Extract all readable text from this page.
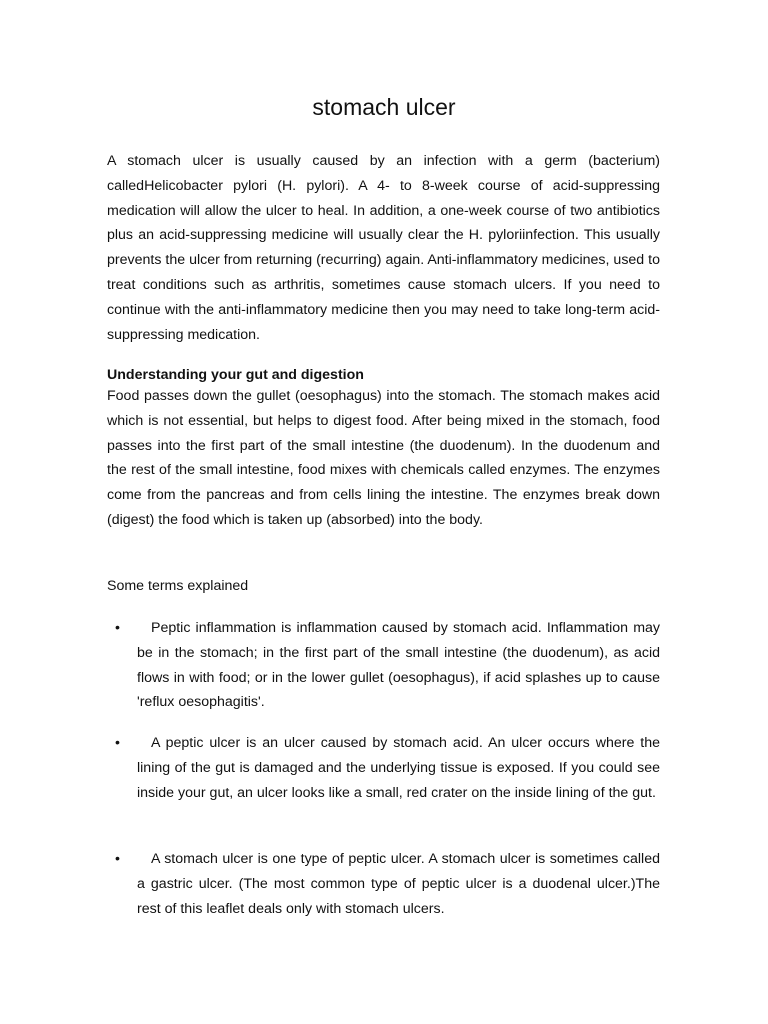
stomach ulcer

A stomach ulcer is usually caused by an infection with a germ (bacterium) calledHelicobacter pylori (H. pylori). A 4- to 8-week course of acid-suppressing medication will allow the ulcer to heal. In addition, a one-week course of two antibiotics plus an acid-suppressing medicine will usually clear the H. pyloriinfection. This usually prevents the ulcer from returning (recurring) again. Anti-inflammatory medicines, used to treat conditions such as arthritis, sometimes cause stomach ulcers. If you need to continue with the anti-inflammatory medicine then you may need to take long-term acid-suppressing medication.

Understanding your gut and digestion

Food passes down the gullet (oesophagus) into the stomach. The stomach makes acid which is not essential, but helps to digest food. After being mixed in the stomach, food passes into the first part of the small intestine (the duodenum). In the duodenum and the rest of the small intestine, food mixes with chemicals called enzymes. The enzymes come from the pancreas and from cells lining the intestine. The enzymes break down (digest) the food which is taken up (absorbed) into the body.

Some terms explained

•	Peptic inflammation is inflammation caused by stomach acid. Inflammation may be in the stomach; in the first part of the small intestine (the duodenum), as acid flows in with food; or in the lower gullet (oesophagus), if acid splashes up to cause 'reflux oesophagitis'.

•	A peptic ulcer is an ulcer caused by stomach acid. An ulcer occurs where the lining of the gut is damaged and the underlying tissue is exposed. If you could see inside your gut, an ulcer looks like a small, red crater on the inside lining of the gut.

•	A stomach ulcer is one type of peptic ulcer. A stomach ulcer is sometimes called a gastric ulcer. (The most common type of peptic ulcer is a duodenal ulcer.)The rest of this leaflet deals only with stomach ulcers.
